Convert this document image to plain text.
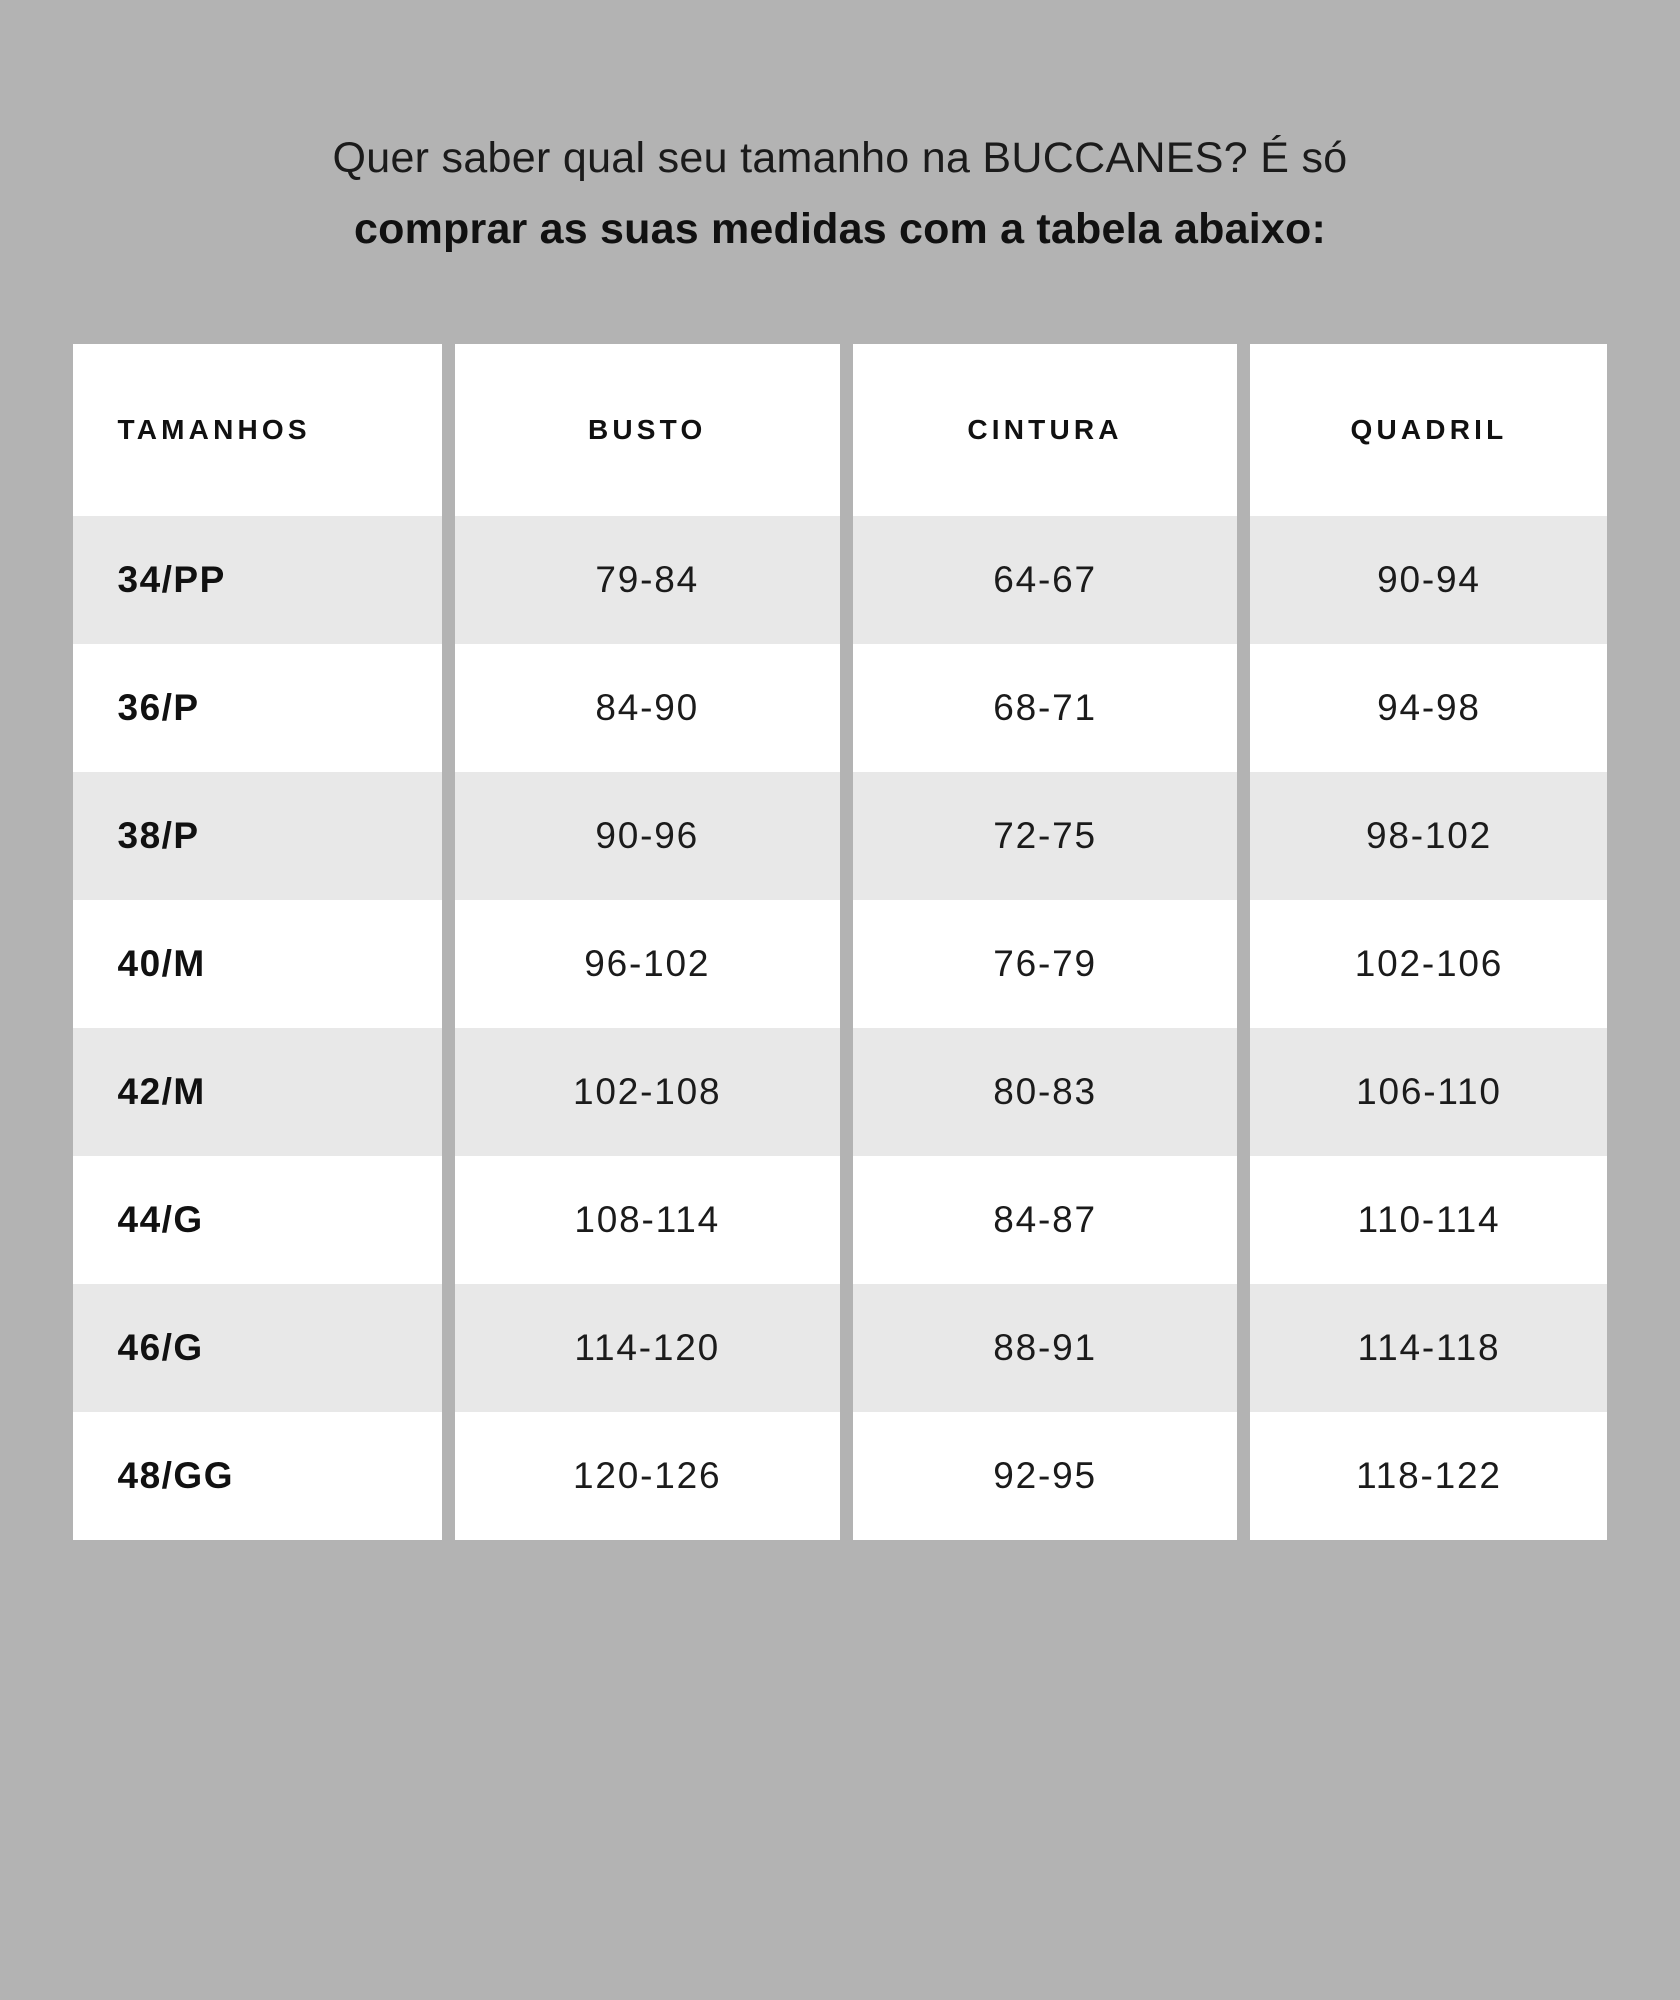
Quer saber qual seu tamanho na BUCCANES? É só
comprar as suas medidas com a tabela abaixo:
TAMANHOS	BUSTO	CINTURA	QUADRIL
34/PP	79-84	64-67	90-94
36/P	84-90	68-71	94-98
38/P	90-96	72-75	98-102
40/M	96-102	76-79	102-106
42/M	102-108	80-83	106-110
44/G	108-114	84-87	110-114
46/G	114-120	88-91	114-118
48/GG	120-126	92-95	118-122
